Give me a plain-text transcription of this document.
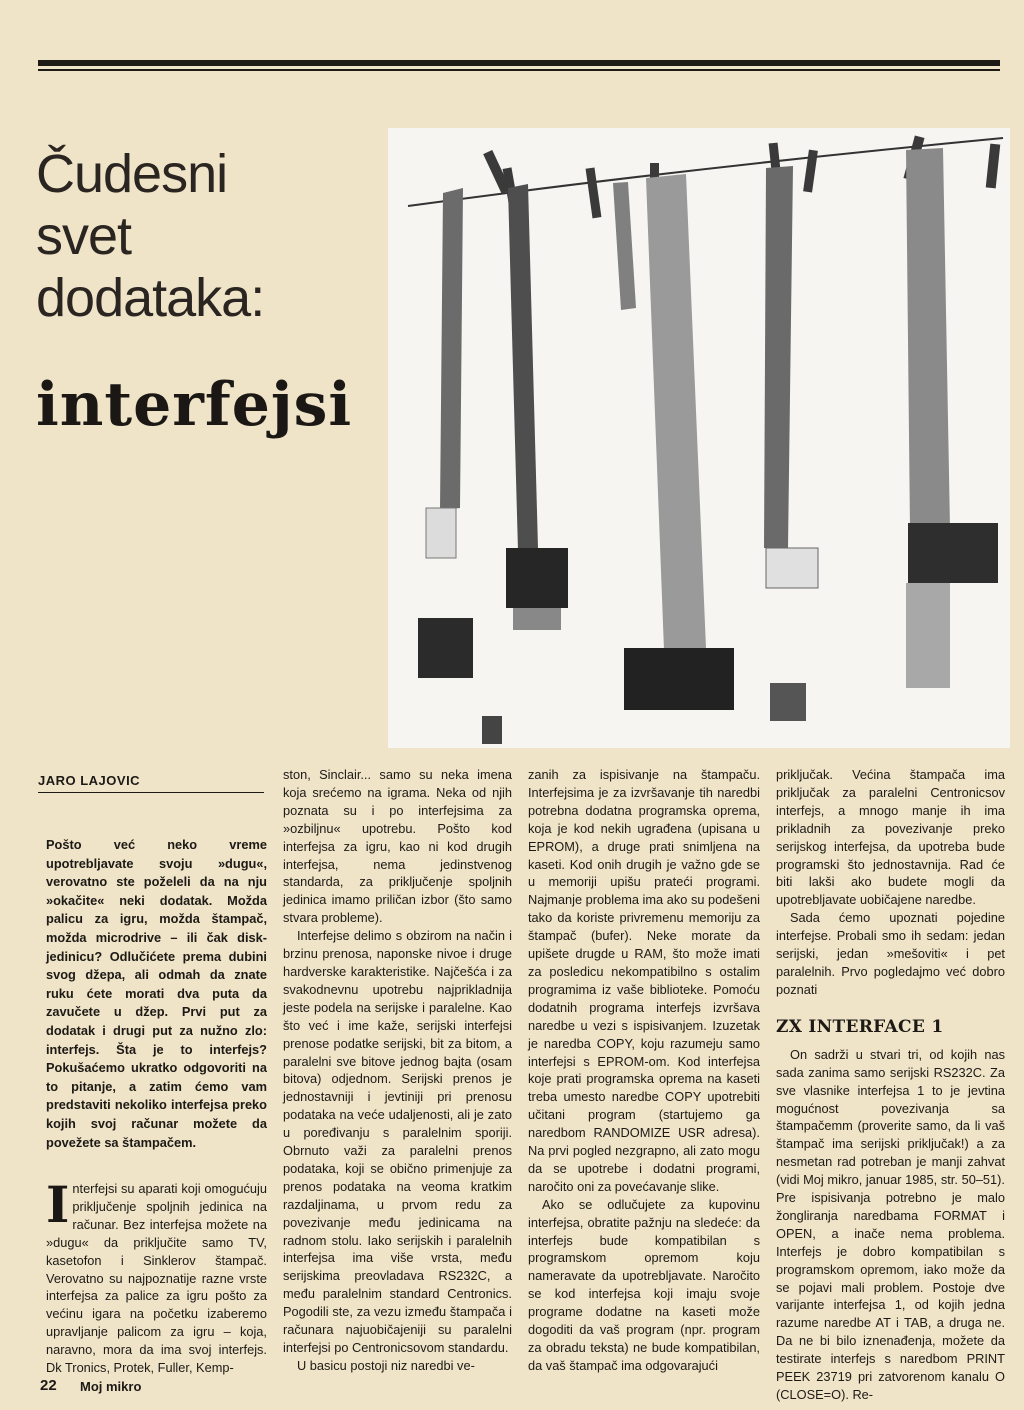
Čudesni
svet
dodataka:
interfejsi
JARO LAJOVIC
Pošto već neko vreme upotrebljavate svoju »dugu«, verovatno ste poželeli da na nju »okačite« neki dodatak. Možda palicu za igru, možda štampač, možda microdrive – ili čak disk-jedinicu? Odlučićete prema dubini svog džepa, ali odmah da znate ruku ćete morati dva puta da zavučete u džep. Prvi put za dodatak i drugi put za nužno zlo: interfejs. Šta je to interfejs? Pokušaćemo ukratko odgovoriti na to pitanje, a zatim ćemo vam predstaviti nekoliko interfejsa preko kojih svoj računar možete da povežete sa štampačem.

Interfejsi su aparati koji omogućuju priključenje spoljnih jedinica na računar. Bez interfejsa možete na »dugu« da priključite samo TV, kasetofon i Sinklerov štampač. Verovatno su najpoznatije razne vrste interfejsa za palice za igru pošto za većinu igara na početku izaberemo upravljanje palicom za igru – koja, naravno, mora da ima svoj interfejs. Dk Tronics, Protek, Fuller, Kemp-

ston, Sinclair... samo su neka imena koja srećemo na igrama. Neka od njih poznata su i po interfejsima za »ozbiljnu« upotrebu. Pošto kod interfejsa za igru, kao ni kod drugih interfejsa, nema jedinstvenog standarda, za priključenje spoljnih jedinica imamo priličan izbor (što samo stvara probleme).

Interfejse delimo s obzirom na način i brzinu prenosa, naponske nivoe i druge hardverske karakteristike. Najčešća i za svakodnevnu upotrebu najprikladnija jeste podela na serijske i paralelne. Kao što već i ime kaže, serijski interfejsi prenose podatke serijski, bit za bitom, a paralelni sve bitove jednog bajta (osam bitova) odjednom. Serijski prenos je jednostavniji i jevtiniji pri prenosu podataka na veće udaljenosti, ali je zato u poređivanju s paralelnim sporiji. Obrnuto važi za paralelni prenos podataka, koji se obično primenjuje za prenos podataka na veoma kratkim razdaljinama, u prvom redu za povezivanje među jedinicama na radnom stolu. Iako serijskih i paralelnih interfejsa ima više vrsta, među serijskima preovladava RS232C, a među paralelnim standard Centronics. Pogodili ste, za vezu između štampača i računara najuobičajeniji su paralelni interfejsi po Centronicsovom standardu.

U basicu postoji niz naredbi ve-

zanih za ispisivanje na štampaču. Interfejsima je za izvršavanje tih naredbi potrebna dodatna programska oprema, koja je kod nekih ugrađena (upisana u EPROM), a druge prati snimljena na kaseti. Kod onih drugih je važno gde se u memoriji upišu prateći programi. Najmanje problema ima ako su podešeni tako da koriste privremenu memoriju za štampač (bufer). Neke morate da upišete drugde u RAM, što može imati za posledicu nekompatibilno s ostalim programima iz vaše biblioteke. Pomoću dodatnih programa interfejs izvršava naredbe u vezi s ispisivanjem. Izuzetak je naredba COPY, koju razumeju samo interfejsi s EPROM-om. Kod interfejsa koje prati programska oprema na kaseti treba umesto naredbe COPY upotrebiti učitani program (startujemo ga naredbom RANDOMIZE USR adresa). Na prvi pogled nezgrapno, ali zato mogu da se upotrebe i dodatni programi, naročito oni za povećavanje slike.

Ako se odlučujete za kupovinu interfejsa, obratite pažnju na sledeće: da interfejs bude kompatibilan s programskom opremom koju nameravate da upotrebljavate. Naročito se kod interfejsa koji imaju svoje programe dodatne na kaseti može dogoditi da vaš program (npr. program za obradu teksta) ne bude kompatibilan, da vaš štampač ima odgovarajući

priključak. Većina štampača ima priključak za paralelni Centronicsov interfejs, a mnogo manje ih ima prikladnih za povezivanje preko serijskog interfejsa, da upotreba bude programski što jednostavnija. Rad će biti lakši ako budete mogli da upotrebljavate uobičajene naredbe.

Sada ćemo upoznati pojedine interfejse. Probali smo ih sedam: jedan serijski, jedan »mešoviti« i pet paralelnih. Prvo pogledajmo već dobro poznati

ZX INTERFACE 1

On sadrži u stvari tri, od kojih nas sada zanima samo serijski RS232C. Za sve vlasnike interfejsa 1 to je jevtina mogućnost povezivanja sa štampačemm (proverite samo, da li vaš štampač ima serijski priključak!) a za nesmetan rad potreban je manji zahvat (vidi Moj mikro, januar 1985, str. 50–51). Pre ispisivanja potrebno je malo žongliranja naredbama FORMAT i OPEN, a inače nema problema. Interfejs je dobro kompatibilan s programskom opremom, iako može da se pojavi mali problem. Postoje dve varijante interfejsa 1, od kojih jedna razume naredbe AT i TAB, a druga ne. Da ne bi bilo iznenađenja, možete da testirate interfejs s naredbom PRINT PEEK 23719 pri zatvorenom kanalu O (CLOSE=O). Re-

22 Moj mikro
